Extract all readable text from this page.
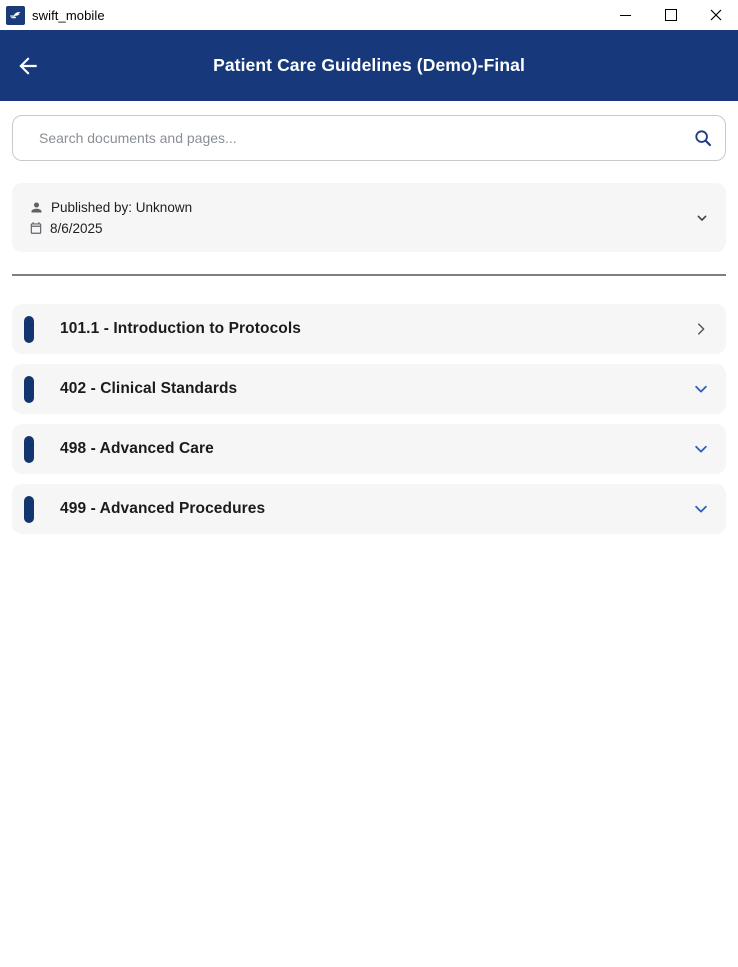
swift_mobile
Patient Care Guidelines (Demo)-Final
Search documents and pages...
Published by: Unknown
8/6/2025
101.1 - Introduction to Protocols
402 - Clinical Standards
498 - Advanced Care
499 - Advanced Procedures
